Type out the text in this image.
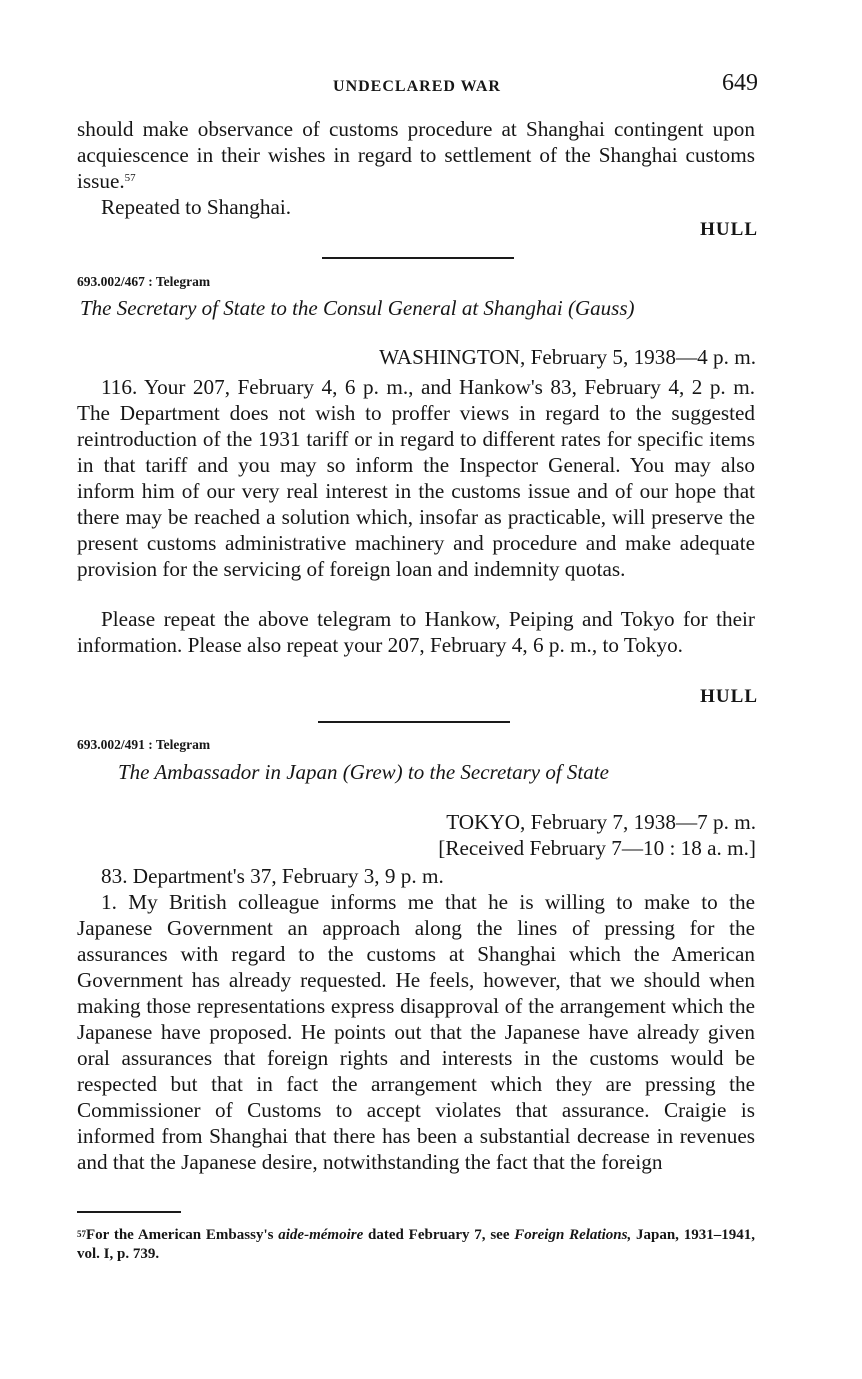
UNDECLARED WAR	649

should make observance of customs procedure at Shanghai contingent upon acquiescence in their wishes in regard to settlement of the Shanghai customs issue.$^{57}$

Repeated to Shanghai.

HULL
693.002/467 : Telegram
The Secretary of State to the Consul General at Shanghai (Gauss)
WASHINGTON, February 5, 1938—4 p. m.

116. Your 207, February 4, 6 p. m., and Hankow's 83, February 4, 2 p. m. The Department does not wish to proffer views in regard to the suggested reintroduction of the 1931 tariff or in regard to different rates for specific items in that tariff and you may so inform the Inspector General. You may also inform him of our very real interest in the customs issue and of our hope that there may be reached a solution which, insofar as practicable, will preserve the present customs administrative machinery and procedure and make adequate provision for the servicing of foreign loan and indemnity quotas.

Please repeat the above telegram to Hankow, Peiping and Tokyo for their information. Please also repeat your 207, February 4, 6 p. m., to Tokyo.

HULL
693.002/491 : Telegram
The Ambassador in Japan (Grew) to the Secretary of State
TOKYO, February 7, 1938—7 p. m.
[Received February 7—10 : 18 a. m.]

83. Department's 37, February 3, 9 p. m.

1. My British colleague informs me that he is willing to make to the Japanese Government an approach along the lines of pressing for the assurances with regard to the customs at Shanghai which the American Government has already requested. He feels, however, that we should when making those representations express disapproval of the arrangement which the Japanese have proposed. He points out that the Japanese have already given oral assurances that foreign rights and interests in the customs would be respected but that in fact the arrangement which they are pressing the Commissioner of Customs to accept violates that assurance. Craigie is informed from Shanghai that there has been a substantial decrease in revenues and that the Japanese desire, notwithstanding the fact that the foreign

$^{57}$For the American Embassy's aide-mémoire dated February 7, see Foreign Relations, Japan, 1931–1941, vol. I, p. 739.
